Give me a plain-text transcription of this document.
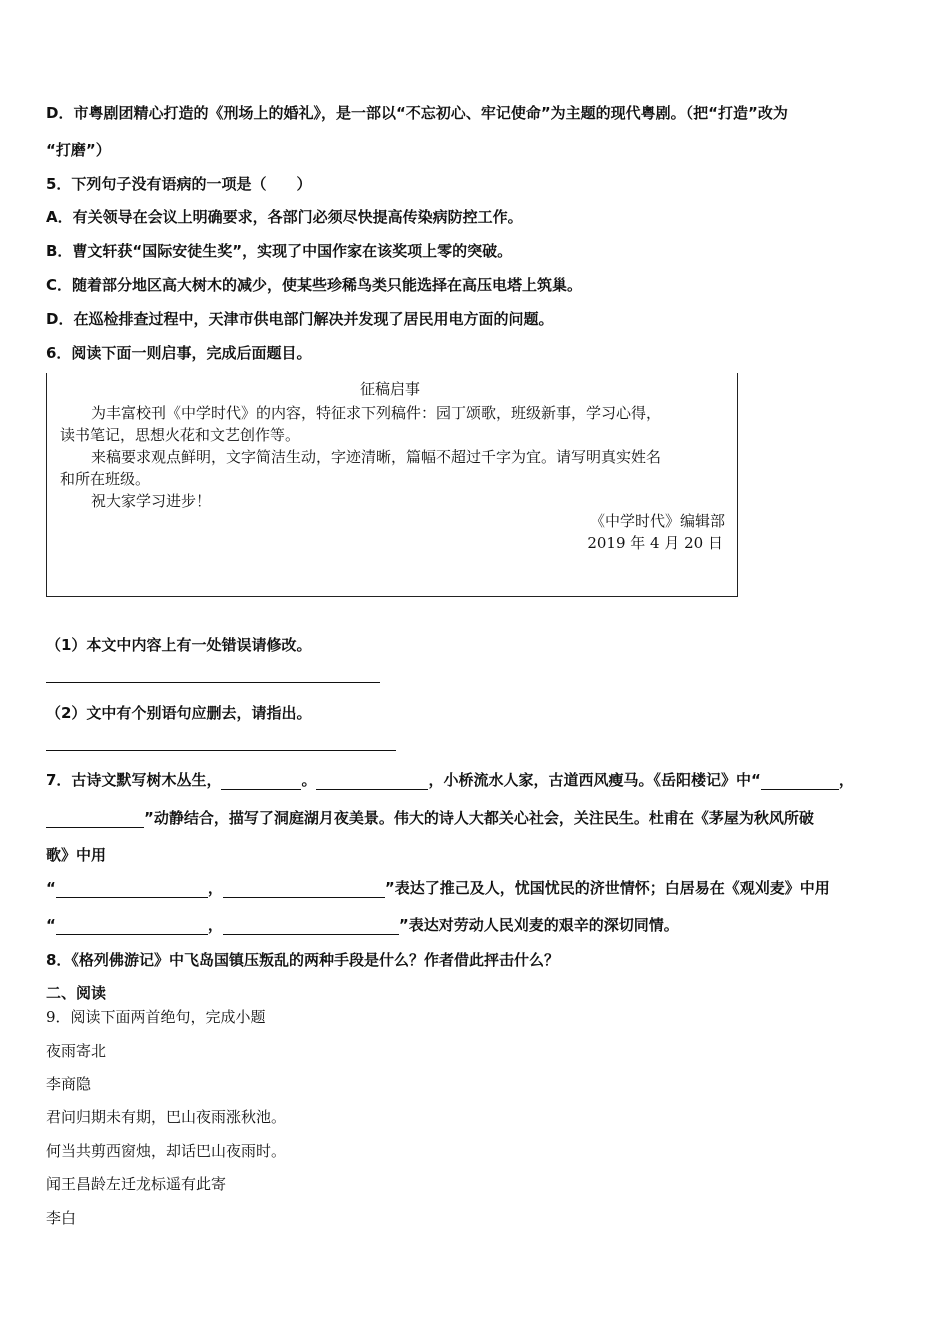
D．市粤剧团精心打造的《刑场上的婚礼》，是一部以“不忘初心、牢记使命”为主题的现代粤剧。（把“打造”改为
“打磨”）
5．下列句子没有语病的一项是（　　）
A．有关领导在会议上明确要求，各部门必须尽快提高传染病防控工作。
B．曹文轩获“国际安徒生奖”，实现了中国作家在该奖项上零的突破。
C．随着部分地区高大树木的减少，使某些珍稀鸟类只能选择在高压电塔上筑巢。
D．在巡检排查过程中，天津市供电部门解决并发现了居民用电方面的问题。
6．阅读下面一则启事，完成后面题目。
征稿启事
为丰富校刊《中学时代》的内容，特征求下列稿件：园丁颂歌，班级新事，学习心得，
读书笔记，思想火花和文艺创作等。
来稿要求观点鲜明，文字简洁生动，字迹清晰，篇幅不超过千字为宜。请写明真实姓名
和所在班级。
祝大家学习进步！
《中学时代》编辑部
2019 年 4 月 20 日
（1）本文中内容上有一处错误请修改。
（2）文中有个别语句应删去，请指出。
7．古诗文默写树木丛生，	。	，小桥流水人家，古道西风瘦马。《岳阳楼记》中“	，
”动静结合，描写了洞庭湖月夜美景。伟大的诗人大都关心社会，关注民生。杜甫在《茅屋为秋风所破
歌》中用
“	，	”表达了推己及人，忧国忧民的济世情怀；白居易在《观刈麦》中用
“	，	”表达对劳动人民刈麦的艰辛的深切同情。
8．《格列佛游记》中飞岛国镇压叛乱的两种手段是什么？作者借此抨击什么？
二、阅读
9．阅读下面两首绝句，完成小题
夜雨寄北
李商隐
君问归期未有期，巴山夜雨涨秋池。
何当共剪西窗烛，却话巴山夜雨时。
闻王昌龄左迁龙标遥有此寄
李白
